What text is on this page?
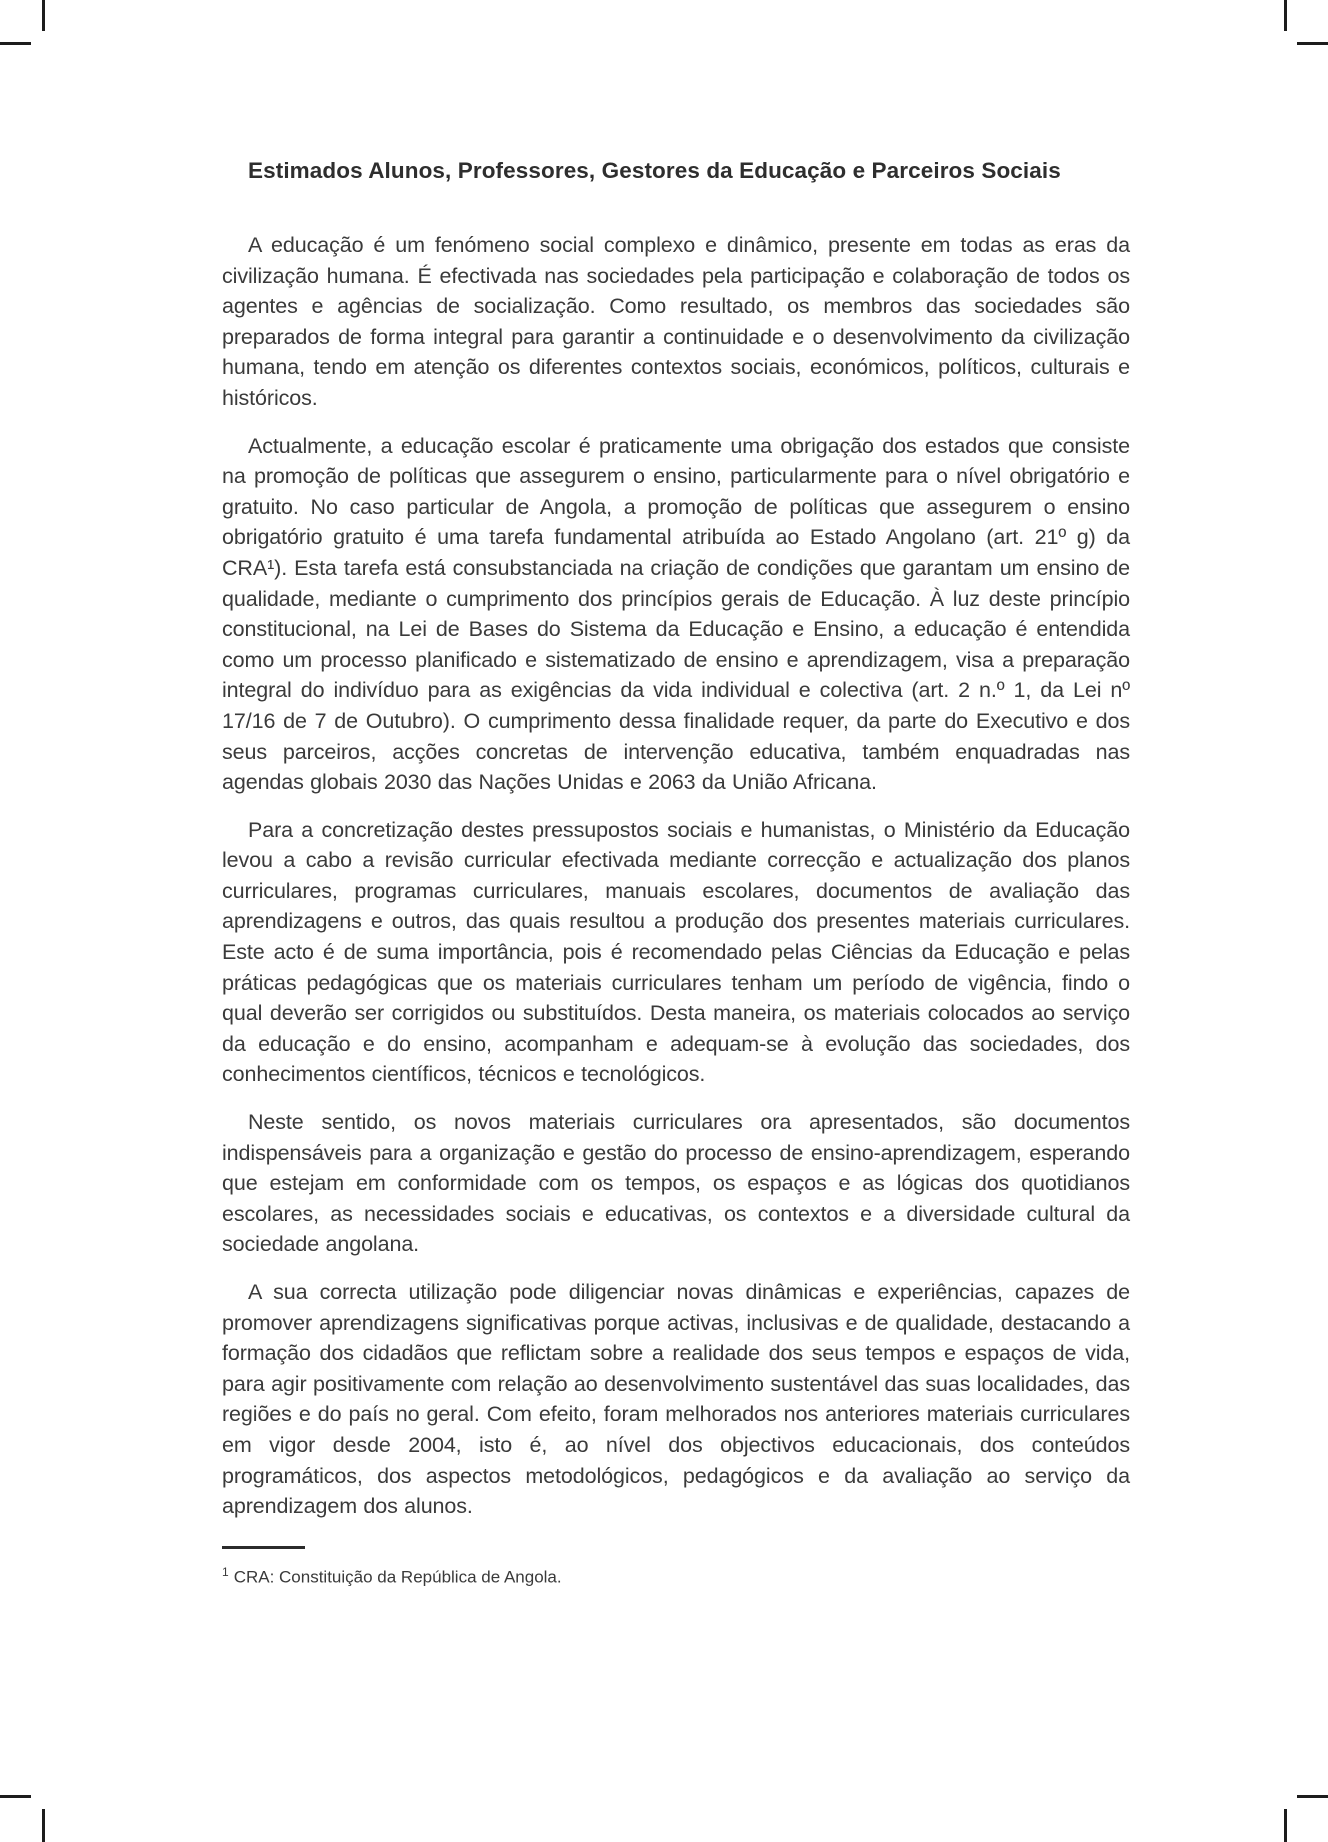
Estimados Alunos, Professores, Gestores da Educação e Parceiros Sociais

A educação é um fenómeno social complexo e dinâmico, presente em todas as eras da civilização humana. É efectivada nas sociedades pela participação e colaboração de todos os agentes e agências de socialização. Como resultado, os membros das sociedades são preparados de forma integral para garantir a continuidade e o desenvolvimento da civilização humana, tendo em atenção os diferentes contextos sociais, económicos, políticos, culturais e históricos.

Actualmente, a educação escolar é praticamente uma obrigação dos estados que consiste na promoção de políticas que assegurem o ensino, particularmente para o nível obrigatório e gratuito. No caso particular de Angola, a promoção de políticas que assegurem o ensino obrigatório gratuito é uma tarefa fundamental atribuída ao Estado Angolano (art. 21º g) da CRA¹). Esta tarefa está consubstanciada na criação de condições que garantam um ensino de qualidade, mediante o cumprimento dos princípios gerais de Educação. À luz deste princípio constitucional, na Lei de Bases do Sistema da Educação e Ensino, a educação é entendida como um processo planificado e sistematizado de ensino e aprendizagem, visa a preparação integral do indivíduo para as exigências da vida individual e colectiva (art. 2 n.º 1, da Lei nº 17/16 de 7 de Outubro). O cumprimento dessa finalidade requer, da parte do Executivo e dos seus parceiros, acções concretas de intervenção educativa, também enquadradas nas agendas globais 2030 das Nações Unidas e 2063 da União Africana.

Para a concretização destes pressupostos sociais e humanistas, o Ministério da Educação levou a cabo a revisão curricular efectivada mediante correcção e actualização dos planos curriculares, programas curriculares, manuais escolares, documentos de avaliação das aprendizagens e outros, das quais resultou a produção dos presentes materiais curriculares. Este acto é de suma importância, pois é recomendado pelas Ciências da Educação e pelas práticas pedagógicas que os materiais curriculares tenham um período de vigência, findo o qual deverão ser corrigidos ou substituídos. Desta maneira, os materiais colocados ao serviço da educação e do ensino, acompanham e adequam-se à evolução das sociedades, dos conhecimentos científicos, técnicos e tecnológicos.

Neste sentido, os novos materiais curriculares ora apresentados, são documentos indispensáveis para a organização e gestão do processo de ensino-aprendizagem, esperando que estejam em conformidade com os tempos, os espaços e as lógicas dos quotidianos escolares, as necessidades sociais e educativas, os contextos e a diversidade cultural da sociedade angolana.

A sua correcta utilização pode diligenciar novas dinâmicas e experiências, capazes de promover aprendizagens significativas porque activas, inclusivas e de qualidade, destacando a formação dos cidadãos que reflictam sobre a realidade dos seus tempos e espaços de vida, para agir positivamente com relação ao desenvolvimento sustentável das suas localidades, das regiões e do país no geral. Com efeito, foram melhorados nos anteriores materiais curriculares em vigor desde 2004, isto é, ao nível dos objectivos educacionais, dos conteúdos programáticos, dos aspectos metodológicos, pedagógicos e da avaliação ao serviço da aprendizagem dos alunos.

$^1$ CRA: Constituição da República de Angola.
